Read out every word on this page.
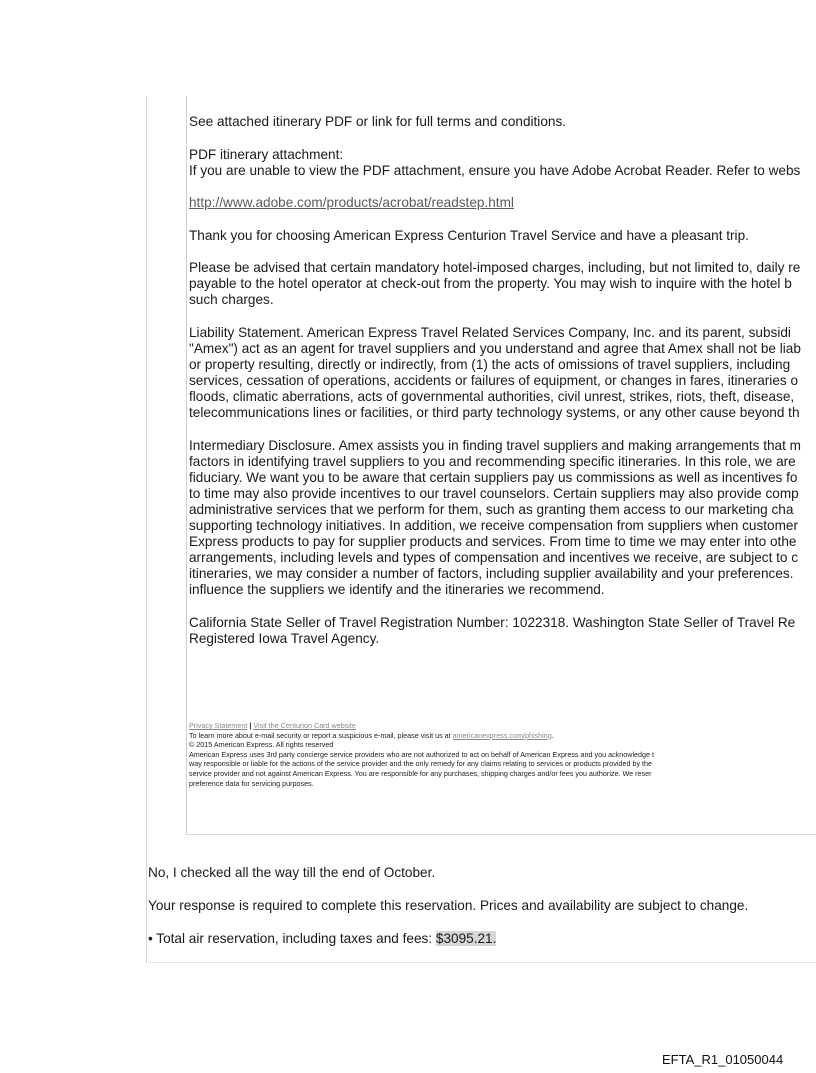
See attached itinerary PDF or link for full terms and conditions.

PDF itinerary attachment:

If you are unable to view the PDF attachment, ensure you have Adobe Acrobat Reader. Refer to webs

http://www.adobe.com/products/acrobat/readstep.html

Thank you for choosing American Express Centurion Travel Service and have a pleasant trip.

Please be advised that certain mandatory hotel-imposed charges, including, but not limited to, daily re

payable to the hotel operator at check-out from the property. You may wish to inquire with the hotel b

such charges.

Liability Statement. American Express Travel Related Services Company, Inc. and its parent, subsidi

"Amex") act as an agent for travel suppliers and you understand and agree that Amex shall not be liab

or property resulting, directly or indirectly, from (1) the acts of omissions of travel suppliers, including

services, cessation of operations, accidents or failures of equipment, or changes in fares, itineraries o

floods, climatic aberrations, acts of governmental authorities, civil unrest, strikes, riots, theft, disease,

telecommunications lines or facilities, or third party technology systems, or any other cause beyond th

Intermediary Disclosure. Amex assists you in finding travel suppliers and making arrangements that m

factors in identifying travel suppliers to you and recommending specific itineraries. In this role, we are

fiduciary. We want you to be aware that certain suppliers pay us commissions as well as incentives fo

to time may also provide incentives to our travel counselors. Certain suppliers may also provide comp

administrative services that we perform for them, such as granting them access to our marketing cha

supporting technology initiatives. In addition, we receive compensation from suppliers when customer

Express products to pay for supplier products and services. From time to time we may enter into othe

arrangements, including levels and types of compensation and incentives we receive, are subject to c

itineraries, we may consider a number of factors, including supplier availability and your preferences.

influence the suppliers we identify and the itineraries we recommend.

California State Seller of Travel Registration Number: 1022318. Washington State Seller of Travel Re

Registered Iowa Travel Agency.

Privacy Statement | Visit the Centurion Card website
To learn more about e-mail security or report a suspicious e-mail, please visit us at americanexpress.com/phishing.
© 2015 American Express. All rights reserved
American Express uses 3rd party concierge service providers who are not authorized to act on behalf of American Express and you acknowledge t
way responsible or liable for the actions of the service provider and the only remedy for any claims relating to services or products provided by the
service provider and not against American Express. You are responsible for any purchases, shipping charges and/or fees you authorize. We reser
preference data for servicing purposes.

No, I checked all the way till the end of October.

Your response is required to complete this reservation. Prices and availability are subject to change.

• Total air reservation, including taxes and fees: $3095.21.

EFTA_R1_01050044
